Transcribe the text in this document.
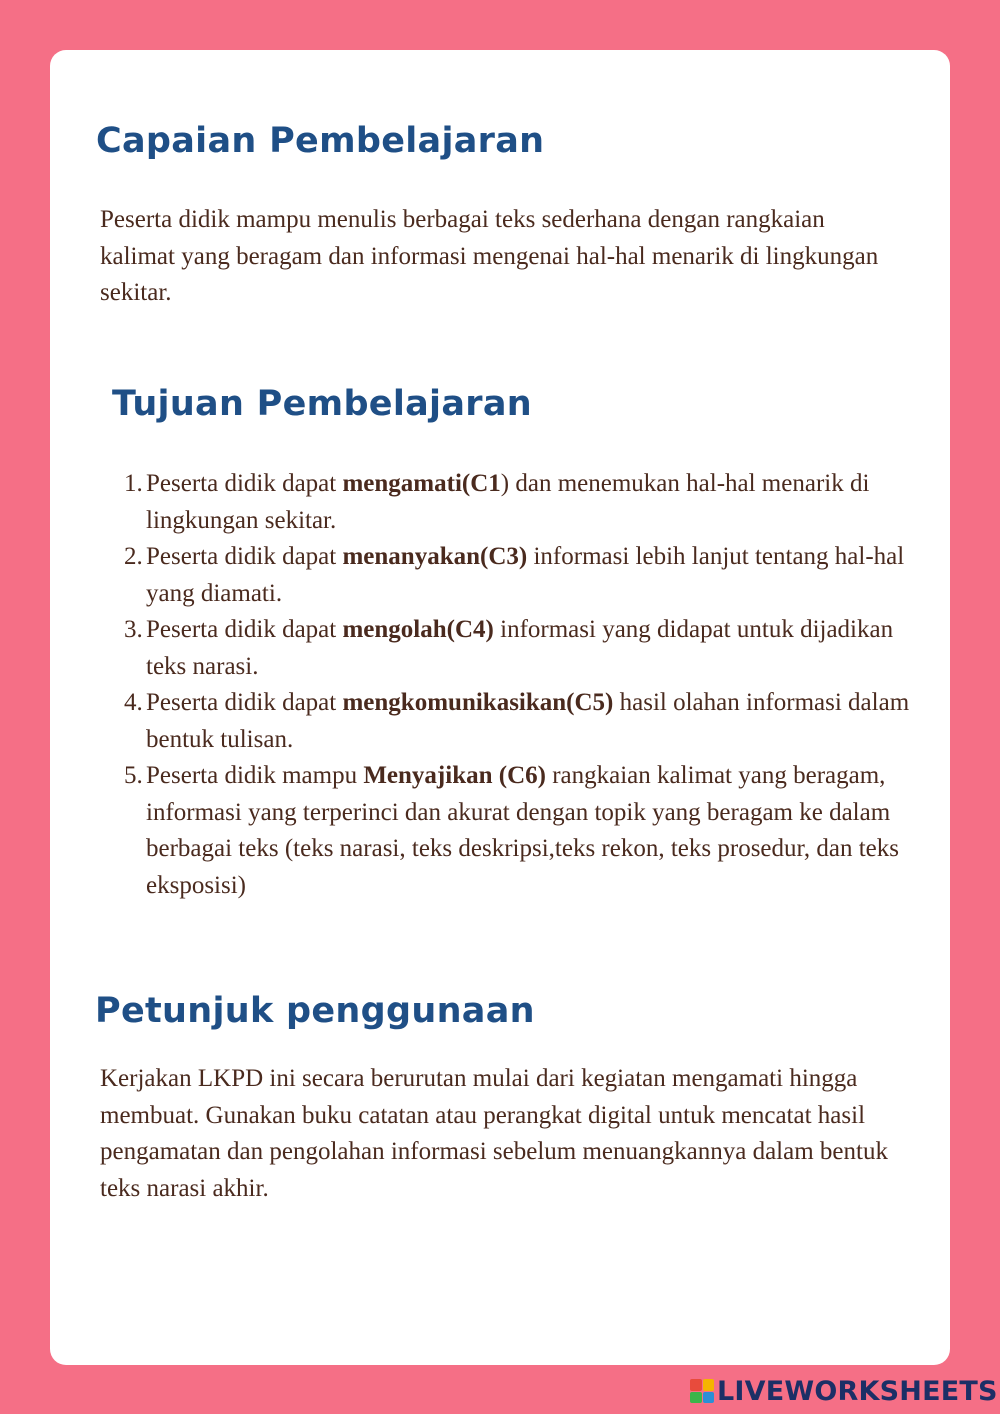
Capaian Pembelajaran

Peserta didik mampu menulis berbagai teks sederhana dengan rangkaian kalimat yang beragam dan informasi mengenai hal-hal menarik di lingkungan sekitar.

Tujuan Pembelajaran
1. Peserta didik dapat mengamati(C1) dan menemukan hal-hal menarik di lingkungan sekitar.
2. Peserta didik dapat menanyakan(C3) informasi lebih lanjut tentang hal-hal yang diamati.
3. Peserta didik dapat mengolah(C4) informasi yang didapat untuk dijadikan teks narasi.
4. Peserta didik dapat mengkomunikasikan(C5) hasil olahan informasi dalam bentuk tulisan.
5. Peserta didik mampu Menyajikan (C6) rangkaian kalimat yang beragam, informasi yang terperinci dan akurat dengan topik yang beragam ke dalam berbagai teks (teks narasi, teks deskripsi,teks rekon, teks prosedur, dan teks eksposisi)
Petunjuk penggunaan

Kerjakan LKPD ini secara berurutan mulai dari kegiatan mengamati hingga membuat. Gunakan buku catatan atau perangkat digital untuk mencatat hasil pengamatan dan pengolahan informasi sebelum menuangkannya dalam bentuk teks narasi akhir.

LIVEWORKSHEETS
